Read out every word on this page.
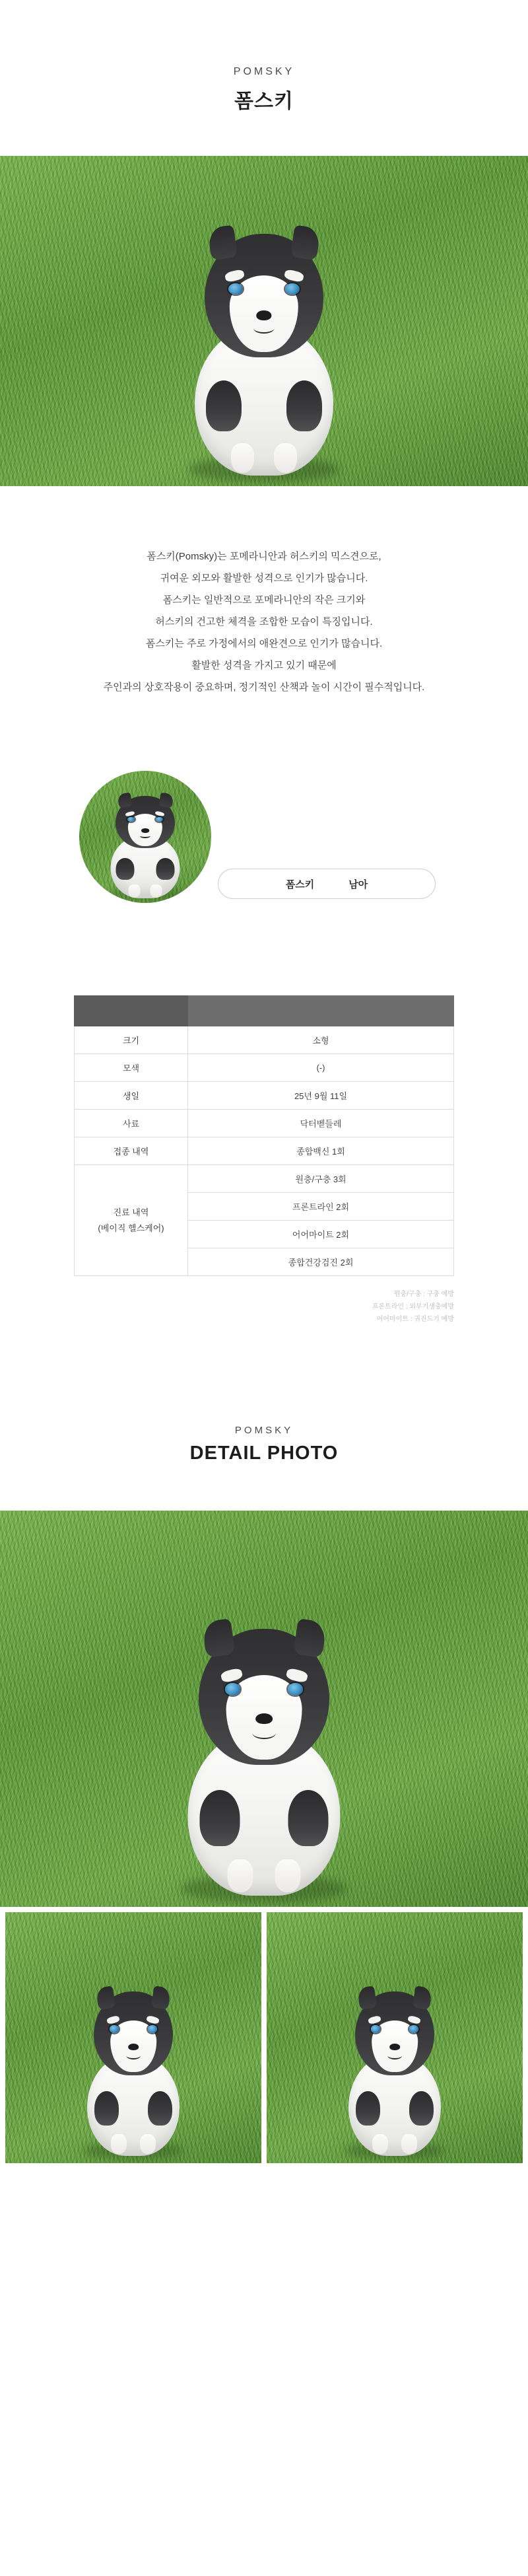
POMSKY
폼스키

폼스키(Pomsky)는 포메라니안과 허스키의 믹스견으로,

귀여운 외모와 활발한 성격으로 인기가 많습니다.

폼스키는 일반적으로 포메라니안의 작은 크기와

허스키의 건고한 체격을 조합한 모습이 특징입니다.

폼스키는 주로 가정에서의 애완견으로 인기가 많습니다.

활발한 성격을 가지고 있기 때문에

주인과의 상호작용이 중요하며, 정기적인 산책과 놀이 시간이 필수적입니다.

폼스키	남아

크기	소형
모색	(-)
생일	25년 9월 11일
사료	닥터벧들레
접종 내역	종합백신 1회

진료 내역
(베이직 헬스케어)	원충/구충 3회
	프론트라인 2회
	어어마이트 2회
	종합건강검진 2회
원충/구충 : 구충 예방
프론트라인 : 외부기생충예방
어어마이트 : 귀진드기 예방
POMSKY
DETAIL PHOTO
